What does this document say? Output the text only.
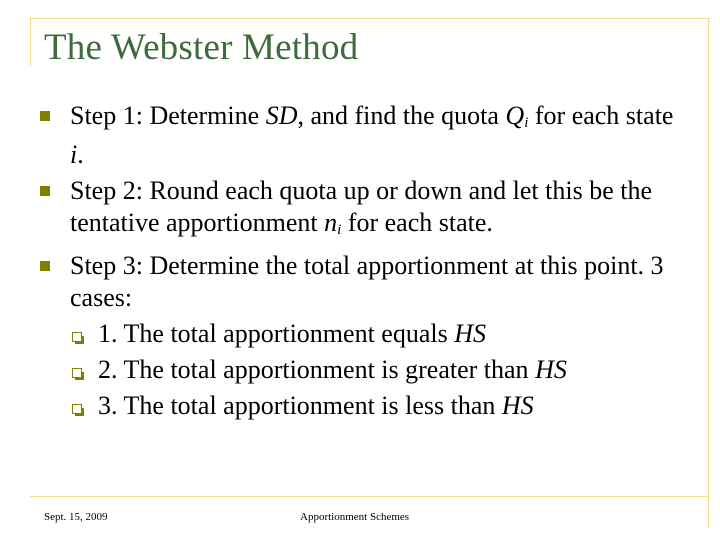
The Webster Method
Step 1: Determine SD, and find the quota $Q_i$ for each state i.
Step 2: Round each quota up or down and let this be the tentative apportionment $n_i$ for each state.
Step 3: Determine the total apportionment at this point. 3 cases:
1. The total apportionment equals HS
2. The total apportionment is greater than HS
3. The total apportionment is less than HS
Sept. 15, 2009	Apportionment Schemes
